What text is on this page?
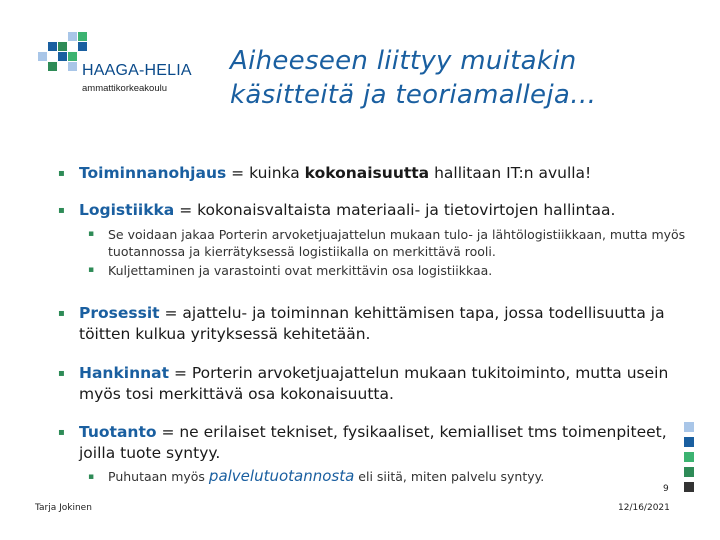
HAAGA-HELIA
ammattikorkeakoulu
Aiheeseen liittyy muitakin
käsitteitä ja teoriamalleja…
▪ Toiminnanohjaus = kuinka kokonaisuutta hallitaan IT:n avulla!
▪ Logistiikka = kokonaisvaltaista materiaali- ja tietovirtojen hallintaa.
▪ Se voidaan jakaa Porterin arvoketjuajattelun mukaan tulo- ja lähtölogistiikkaan, mutta myös tuotannossa ja kierrätyksessä logistiikalla on merkittävä rooli.
▪ Kuljettaminen ja varastointi ovat merkittävin osa logistiikkaa.
▪ Prosessit = ajattelu- ja toiminnan kehittämisen tapa, jossa todellisuutta ja töitten kulkua yrityksessä kehitetään.
▪ Hankinnat = Porterin arvoketjuajattelun mukaan tukitoiminto, mutta usein myös tosi merkittävä osa kokonaisuutta.
▪ Tuotanto = ne erilaiset tekniset, fysikaaliset, kemialliset tms toimenpiteet, joilla tuote syntyy.
▪ Puhutaan myös palvelutuotannosta eli siitä, miten palvelu syntyy.
9
Tarja Jokinen	12/16/2021
